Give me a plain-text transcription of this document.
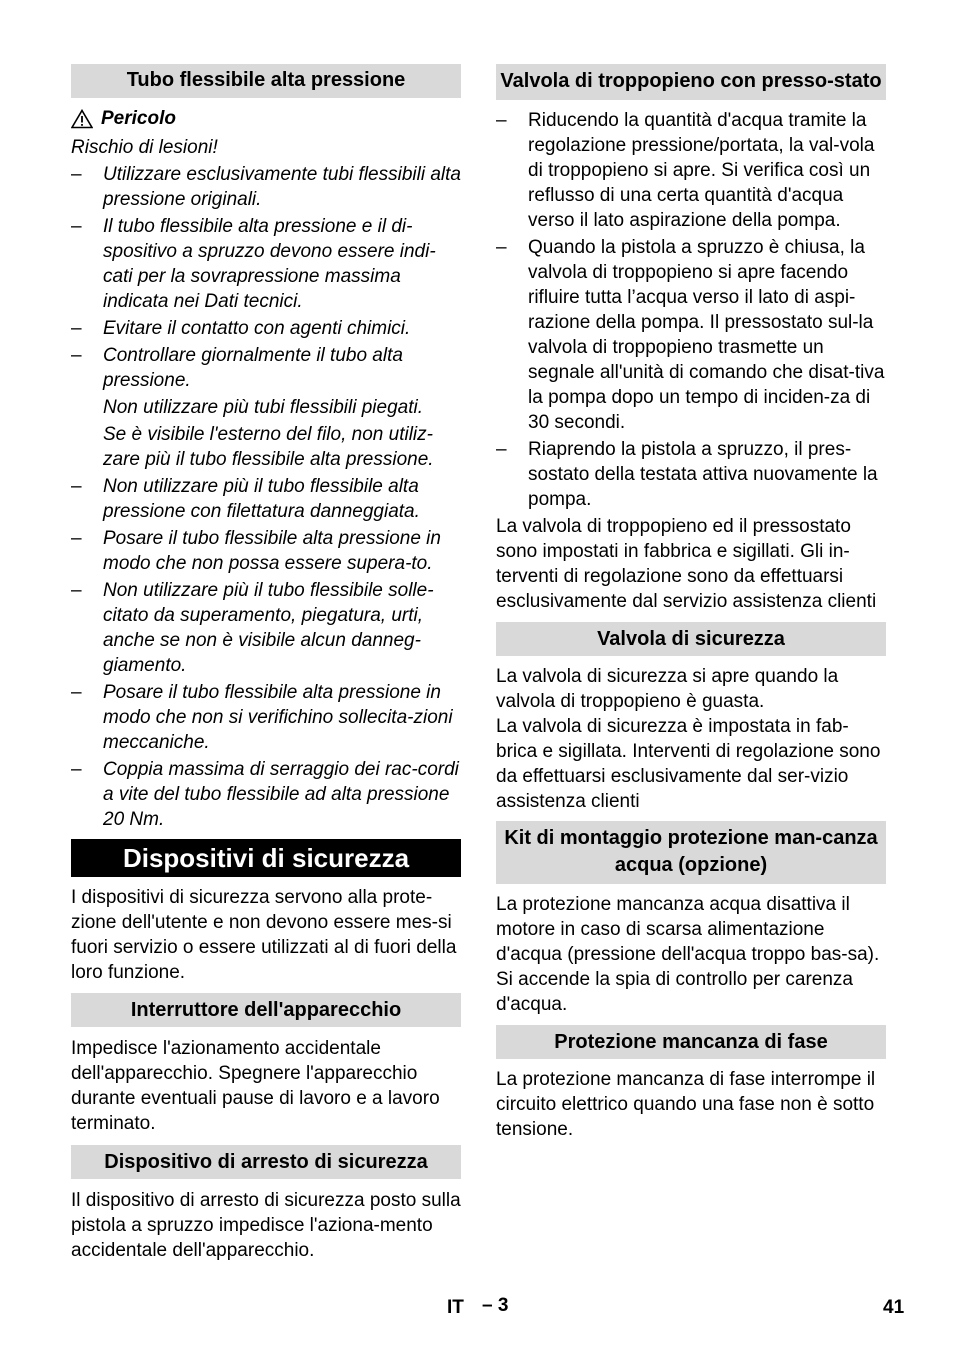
Tubo flessibile alta pressione
Pericolo

Rischio di lesioni!

– Utilizzare esclusivamente tubi flessibili alta pressione originali.
– Il tubo flessibile alta pressione e il di-spositivo a spruzzo devono essere indi-cati per la sovrapressione massima indicata nei Dati tecnici.
– Evitare il contatto con agenti chimici.
– Controllare giornalmente il tubo alta pressione.
Non utilizzare più tubi flessibili piegati.
Se è visibile l'esterno del filo, non utiliz-zare più il tubo flessibile alta pressione.
– Non utilizzare più il tubo flessibile alta pressione con filettatura danneggiata.
– Posare il tubo flessibile alta pressione in modo che non possa essere supera-to.
– Non utilizzare più il tubo flessibile solle-citato da superamento, piegatura, urti, anche se non è visibile alcun danneg-giamento.
– Posare il tubo flessibile alta pressione in modo che non si verifichino sollecita-zioni meccaniche.
– Coppia massima di serraggio dei rac-cordi a vite del tubo flessibile ad alta pressione 20 Nm.
Dispositivi di sicurezza

I dispositivi di sicurezza servono alla prote-zione dell'utente e non devono essere mes-si fuori servizio o essere utilizzati al di fuori della loro funzione.

Interruttore dell'apparecchio

Impedisce l'azionamento accidentale dell'apparecchio. Spegnere l'apparecchio durante eventuali pause di lavoro e a lavoro terminato.

Dispositivo di arresto di sicurezza

Il dispositivo di arresto di sicurezza posto sulla pistola a spruzzo impedisce l'aziona-mento accidentale dell'apparecchio.

Valvola di troppopieno con presso-stato
– Riducendo la quantità d'acqua tramite la regolazione pressione/portata, la val-vola di troppopieno si apre. Si verifica così un reflusso di una certa quantità d'acqua verso il lato aspirazione della pompa.
– Quando la pistola a spruzzo è chiusa, la valvola di troppopieno si apre facendo rifluire tutta l’acqua verso il lato di aspi-razione della pompa. Il pressostato sul-la valvola di troppopieno trasmette un segnale all'unità di comando che disat-tiva la pompa dopo un tempo di inciden-za di 30 secondi.
– Riaprendo la pistola a spruzzo, il pres-sostato della testata attiva nuovamente la pompa.

La valvola di troppopieno ed il pressostato sono impostati in fabbrica e sigillati. Gli in-terventi di regolazione sono da effettuarsi esclusivamente dal servizio assistenza clienti

Valvola di sicurezza

La valvola di sicurezza si apre quando la valvola di troppopieno è guasta.

La valvola di sicurezza è impostata in fab-brica e sigillata. Interventi di regolazione sono da effettuarsi esclusivamente dal ser-vizio assistenza clienti

Kit di montaggio protezione man-canza acqua (opzione)

La protezione mancanza acqua disattiva il motore in caso di scarsa alimentazione d'acqua (pressione dell'acqua troppo bas-sa).

Si accende la spia di controllo per carenza d'acqua.

Protezione mancanza di fase

La protezione mancanza di fase interrompe il circuito elettrico quando una fase non è sotto tensione.

IT – 3	41
